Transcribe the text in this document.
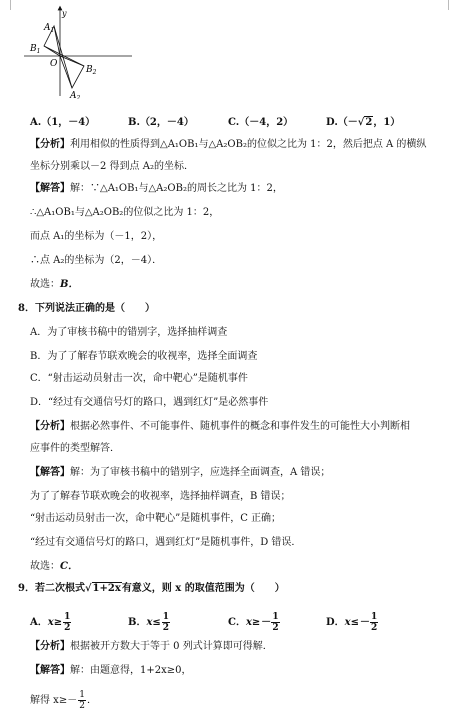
y
$A_1$
$B_1$
O
$B_2$
$A_2$
A.（1，－4）	B.（2，－4）	C.（－4，2）	D.（－√2，1）
【分析】利用相似的性质得到△A₁OB₁与△A₂OB₂的位似之比为 1：2，然后把点 A 的横纵
坐标分别乘以－2 得到点 A₂的坐标．
【解答】解：∵△A₁OB₁与△A₂OB₂的周长之比为 1：2，
∴△A₁OB₁与△A₂OB₂的位似之比为 1：2，
而点 A₁的坐标为（－1，2），
∴点 A₂的坐标为（2，－4）．
故选：B．
8．下列说法正确的是（　　）
A．为了审核书稿中的错别字，选择抽样调查
B．为了了解春节联欢晚会的收视率，选择全面调查
C．“射击运动员射击一次，命中靶心”是随机事件
D．“经过有交通信号灯的路口，遇到红灯”是必然事件
【分析】根据必然事件、不可能事件、随机事件的概念和事件发生的可能性大小判断相
应事件的类型解答．
【解答】解：为了审核书稿中的错别字，应选择全面调查，A 错误；
为了了解春节联欢晚会的收视率，选择抽样调查，B 错误；
“射击运动员射击一次，命中靶心”是随机事件，C 正确；
“经过有交通信号灯的路口，遇到红灯”是随机事件，D 错误．
故选：C．
9．若二次根式√1+2x有意义，则 x 的取值范围为（　　）
A．$x\ge \frac{1}{2}$	B．$x\le \frac{1}{2}$	C．$x\ge- \frac{1}{2}$	D．$x\le- \frac{1}{2}$
【分析】根据被开方数大于等于 0 列式计算即可得解．
【解答】解：由题意得，1+2x≥0，
解得 $x\ge- \frac{1}{2}$ ．
